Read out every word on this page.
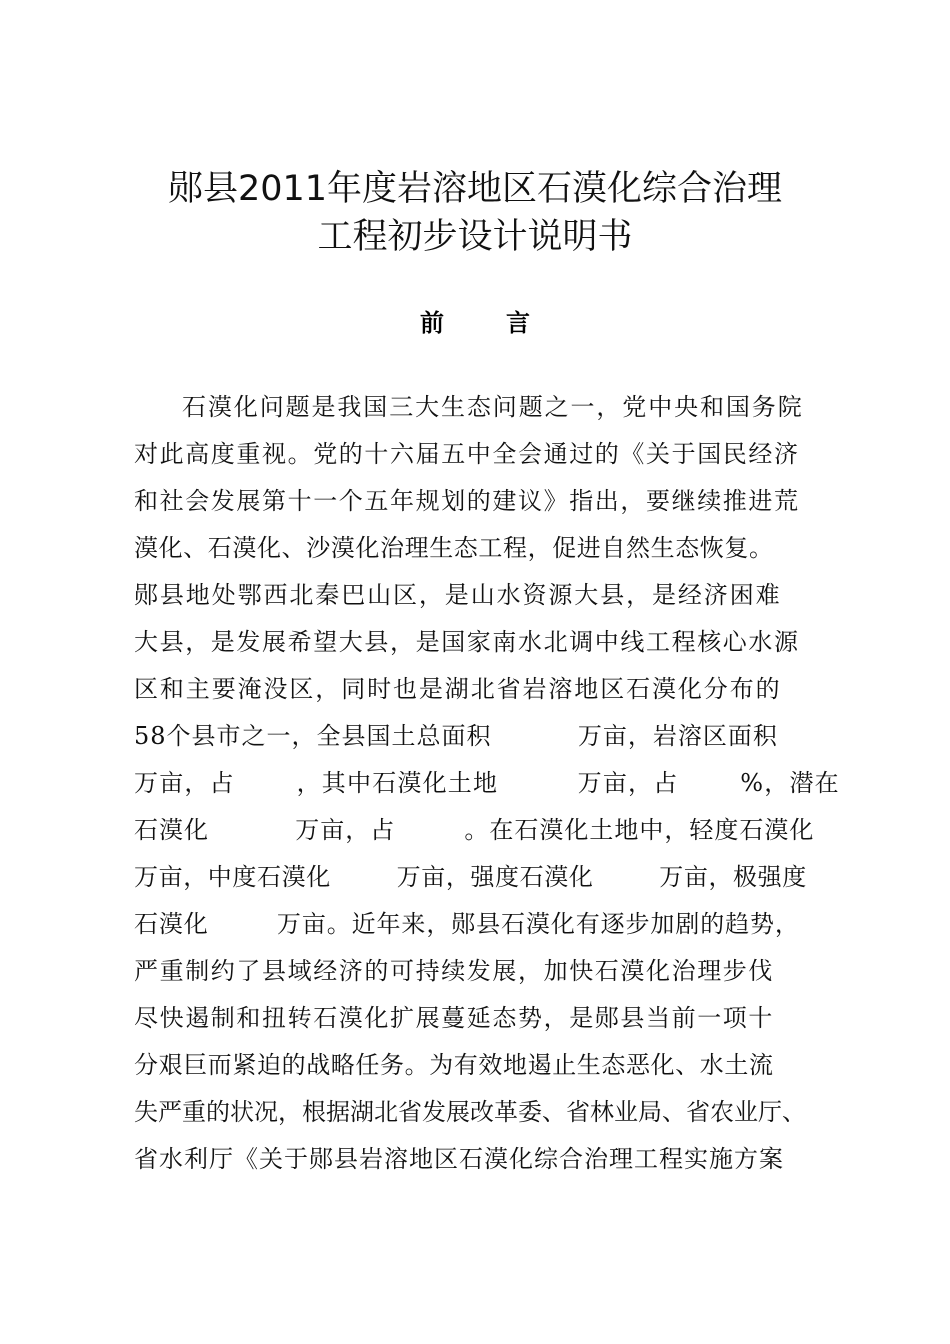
郧县2011年度岩溶地区石漠化综合治理
工程初步设计说明书
前言
石漠化问题是我国三大生态问题之一，党中央和国务院
对此高度重视。党的十六届五中全会通过的《关于国民经济
和社会发展第十一个五年规划的建议》指出，要继续推进荒
漠化、石漠化、沙漠化治理生态工程，促进自然生态恢复。
郧县地处鄂西北秦巴山区，是山水资源大县，是经济困难
大县，是发展希望大县，是国家南水北调中线工程核心水源
区和主要淹没区，同时也是湖北省岩溶地区石漠化分布的
58个县市之一，全县国土总面积          万亩，岩溶区面积
万亩，占       ，其中石漠化土地         万亩，占       %，潜在
石漠化          万亩，占        。在石漠化土地中，轻度石漠化
万亩，中度石漠化        万亩，强度石漠化        万亩，极强度
石漠化        万亩。近年来，郧县石漠化有逐步加剧的趋势，
严重制约了县域经济的可持续发展，加快石漠化治理步伐
尽快遏制和扭转石漠化扩展蔓延态势，是郧县当前一项十
分艰巨而紧迫的战略任务。为有效地遏止生态恶化、水土流
失严重的状况，根据湖北省发展改革委、省林业局、省农业厅、
省水利厅《关于郧县岩溶地区石漠化综合治理工程实施方案
